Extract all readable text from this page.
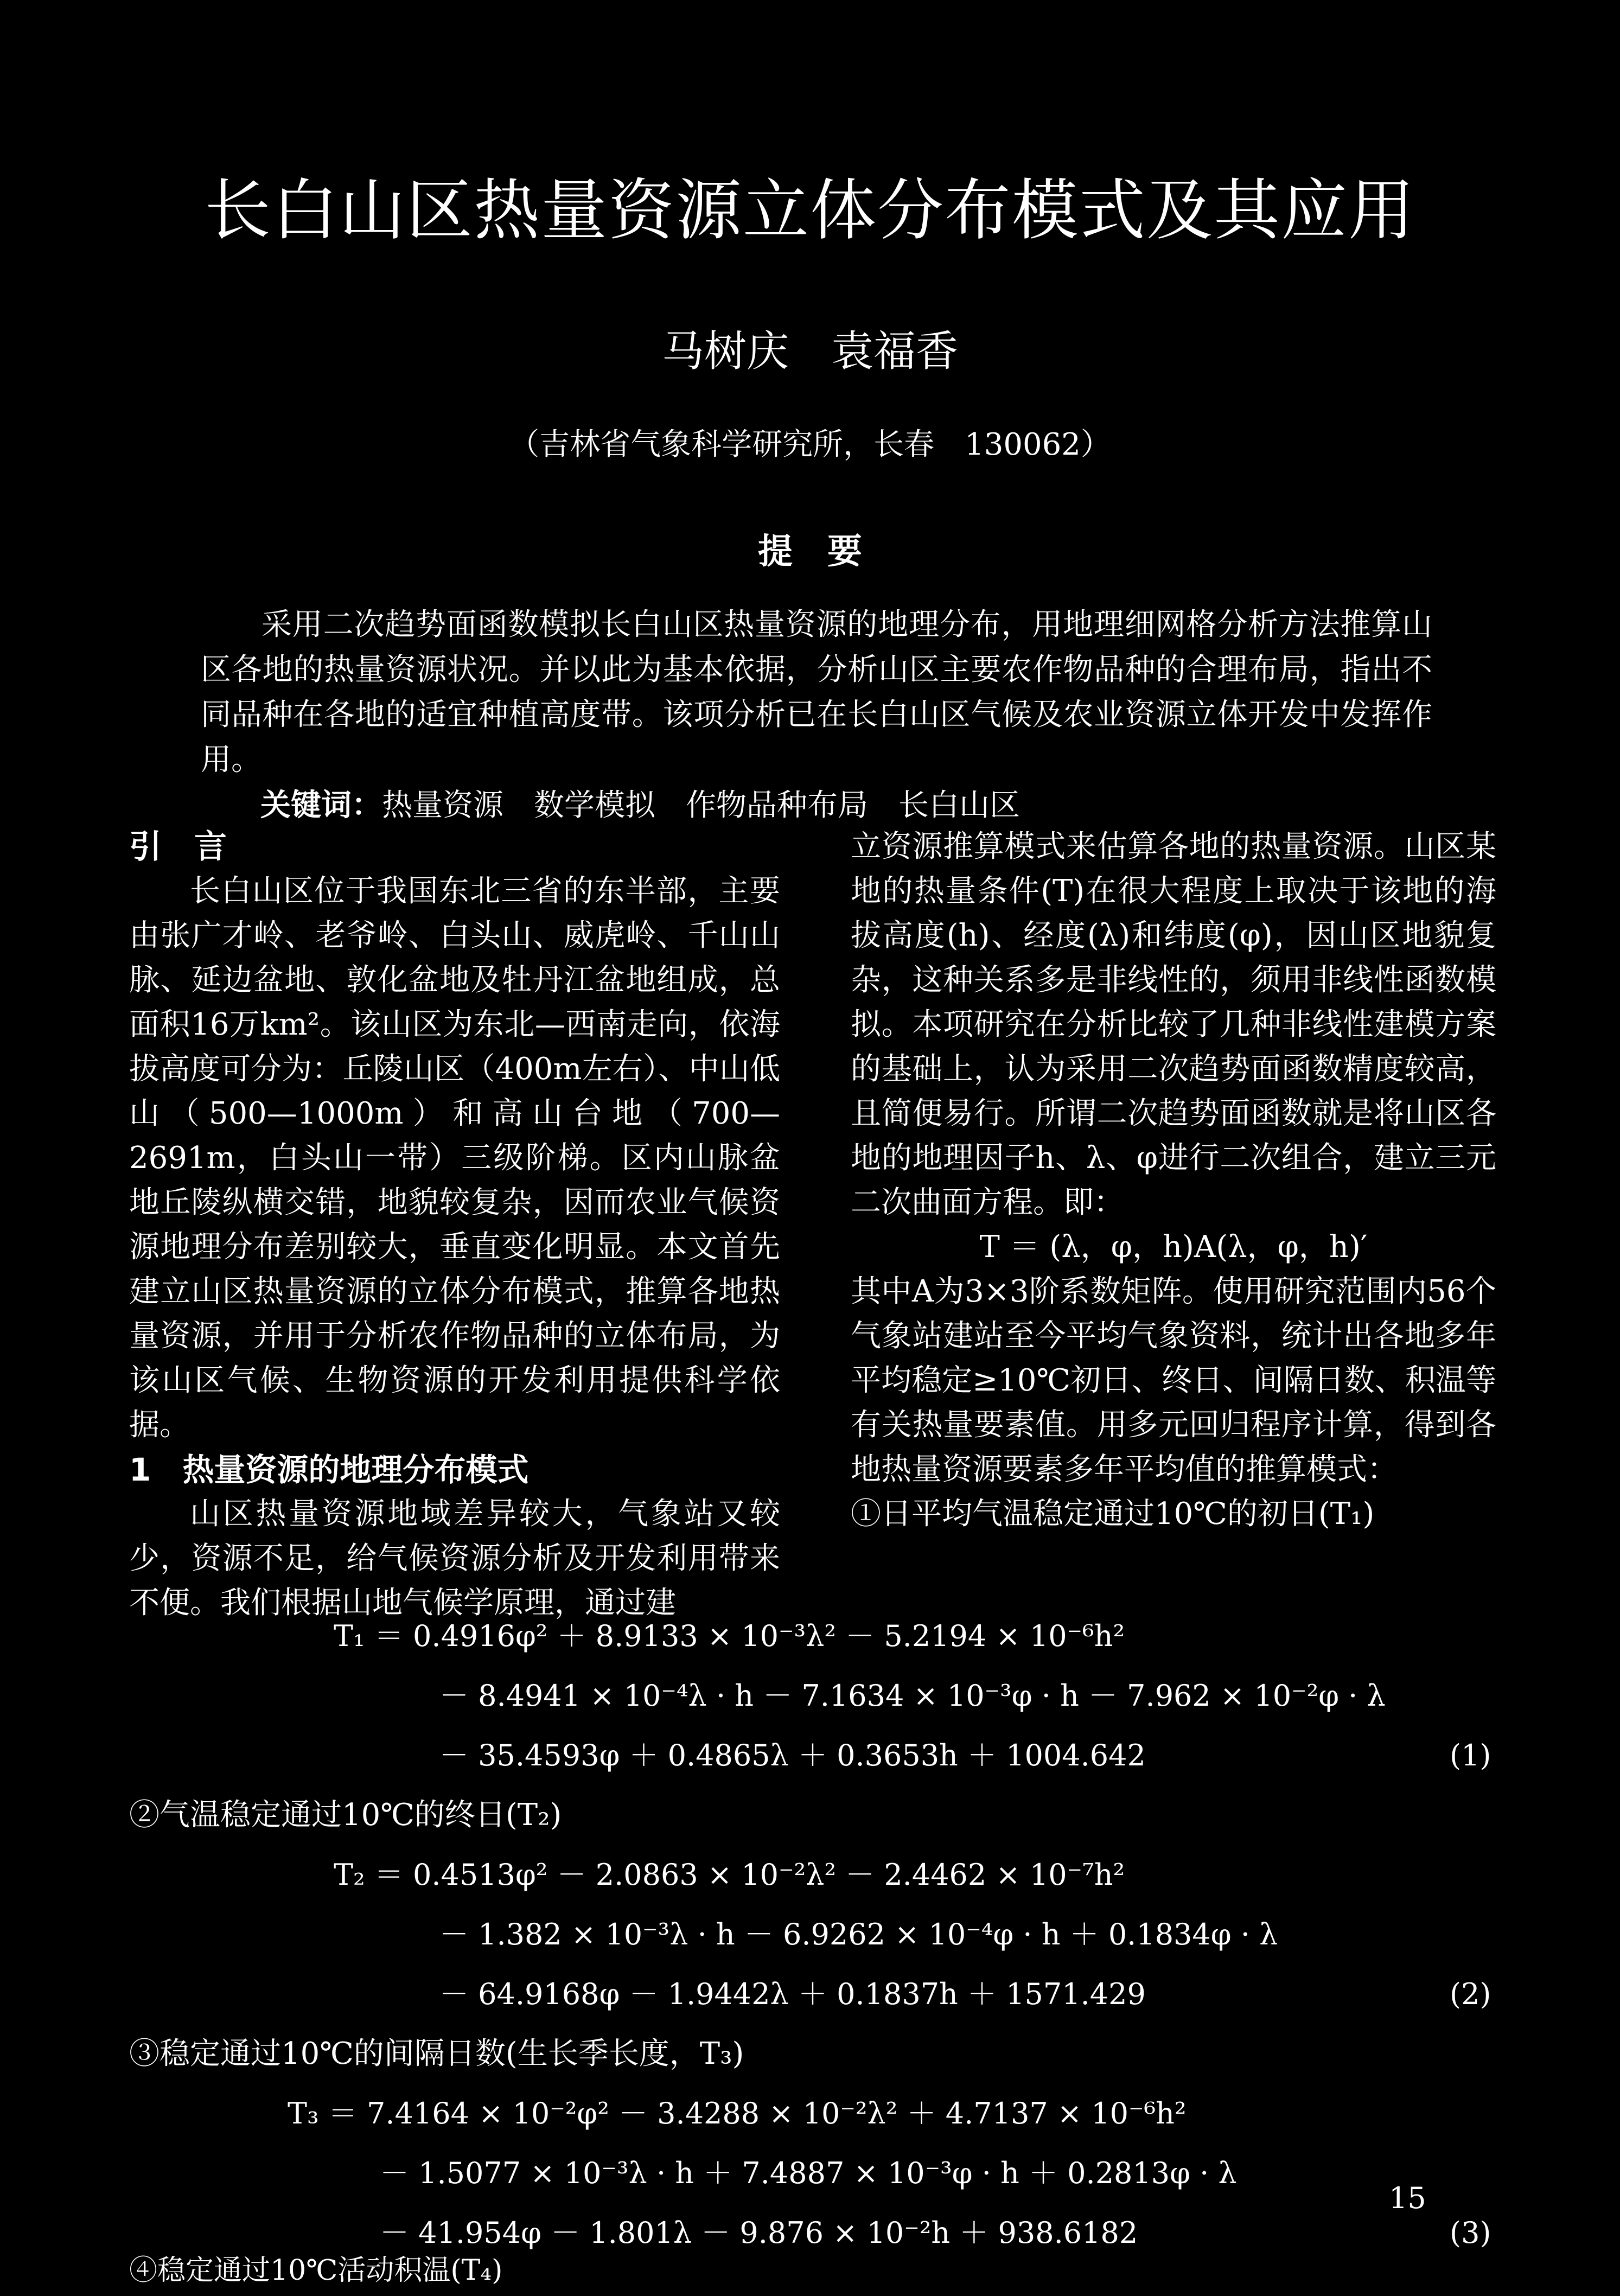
长白山区热量资源立体分布模式及其应用
马树庆　袁福香
（吉林省气象科学研究所，长春　130062）
提　要
采用二次趋势面函数模拟长白山区热量资源的地理分布，用地理细网格分析方法推算山区各地的热量资源状况。并以此为基本依据，分析山区主要农作物品种的合理布局，指出不同品种在各地的适宜种植高度带。该项分析已在长白山区气候及农业资源立体开发中发挥作用。
关键词：热量资源　数学模拟　作物品种布局　长白山区
引　言

长白山区位于我国东北三省的东半部，主要由张广才岭、老爷岭、白头山、威虎岭、千山山脉、延边盆地、敦化盆地及牡丹江盆地组成，总面积16万km²。该山区为东北—西南走向，依海拔高度可分为：丘陵山区（400m左右）、中山低山（500—1000m）和高山台地（700—2691m，白头山一带）三级阶梯。区内山脉盆地丘陵纵横交错，地貌较复杂，因而农业气候资源地理分布差别较大，垂直变化明显。本文首先建立山区热量资源的立体分布模式，推算各地热量资源，并用于分析农作物品种的立体布局，为该山区气候、生物资源的开发利用提供科学依据。

1　热量资源的地理分布模式

山区热量资源地域差异较大，气象站又较少，资源不足，给气候资源分析及开发利用带来不便。我们根据山地气候学原理，通过建

立资源推算模式来估算各地的热量资源。山区某地的热量条件(T)在很大程度上取决于该地的海拔高度(h)、经度(λ)和纬度(φ)，因山区地貌复杂，这种关系多是非线性的，须用非线性函数模拟。本项研究在分析比较了几种非线性建模方案的基础上，认为采用二次趋势面函数精度较高，且简便易行。所谓二次趋势面函数就是将山区各地的地理因子h、λ、φ进行二次组合，建立三元二次曲面方程。即：
T ＝ (λ，φ，h)A(λ，φ，h)′
其中A为3×3阶系数矩阵。使用研究范围内56个气象站建站至今平均气象资料，统计出各地多年平均稳定≥10℃初日、终日、间隔日数、积温等有关热量要素值。用多元回归程序计算，得到各地热量资源要素多年平均值的推算模式：
①日平均气温稳定通过10℃的初日(T₁)
T₁ ＝ 0.4916φ² ＋ 8.9133 × 10⁻³λ² － 5.2194 × 10⁻⁶h²
－ 8.4941 × 10⁻⁴λ · h － 7.1634 × 10⁻³φ · h － 7.962 × 10⁻²φ · λ
－ 35.4593φ ＋ 0.4865λ ＋ 0.3653h ＋ 1004.642	(1)
②气温稳定通过10℃的终日(T₂)
T₂ ＝ 0.4513φ² － 2.0863 × 10⁻²λ² － 2.4462 × 10⁻⁷h²
－ 1.382 × 10⁻³λ · h － 6.9262 × 10⁻⁴φ · h ＋ 0.1834φ · λ
－ 64.9168φ － 1.9442λ ＋ 0.1837h ＋ 1571.429	(2)
③稳定通过10℃的间隔日数(生长季长度，T₃)
T₃ ＝ 7.4164 × 10⁻²φ² － 3.4288 × 10⁻²λ² ＋ 4.7137 × 10⁻⁶h²
－ 1.5077 × 10⁻³λ · h ＋ 7.4887 × 10⁻³φ · h ＋ 0.2813φ · λ
－ 41.954φ － 1.801λ － 9.876 × 10⁻²h ＋ 938.6182	(3)
④稳定通过10℃活动积温(T₄)
15
